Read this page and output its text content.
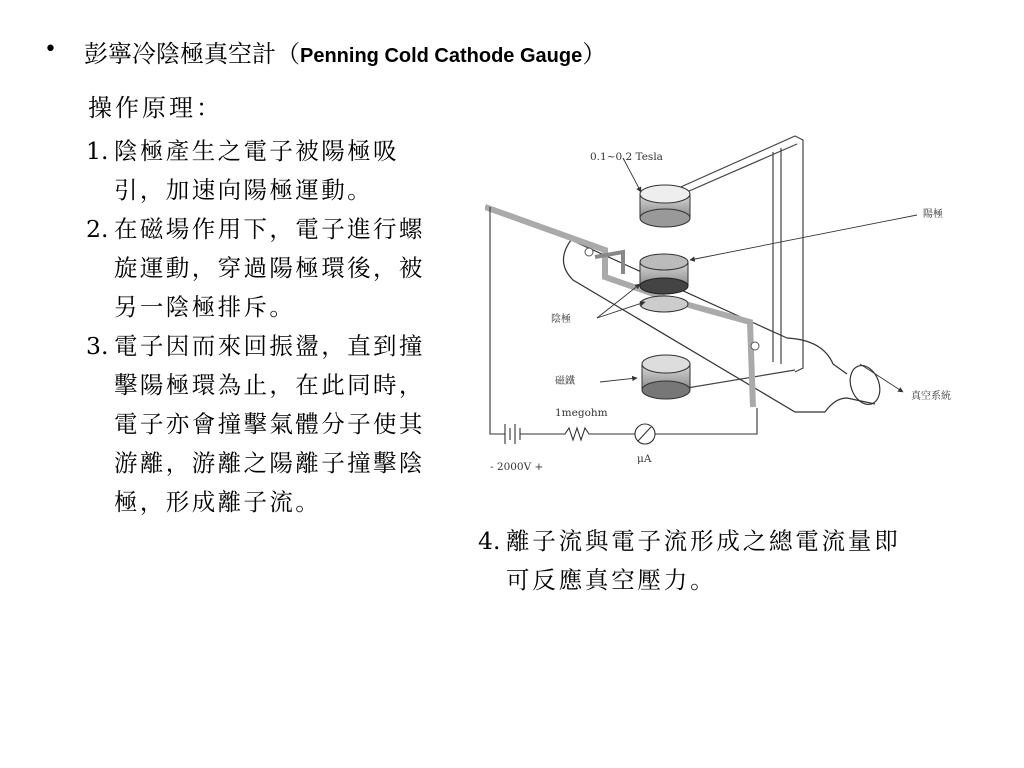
• 彭寧冷陰極真空計（Penning Cold Cathode Gauge）
操作原理：
1. 陰極產生之電子被陽極吸引，加速向陽極運動。
2. 在磁場作用下，電子進行螺旋運動，穿過陽極環後，被另一陰極排斥。
3. 電子因而來回振盪，直到撞擊陽極環為止，在此同時，電子亦會撞擊氣體分子使其游離，游離之陽離子撞擊陰極，形成離子流。
4. 離子流與電子流形成之總電流量即可反應真空壓力。
0.1~0.2 Tesla
陽極
陰極
磁鐵
真空系統
1megohm
- 2000V +
μA
